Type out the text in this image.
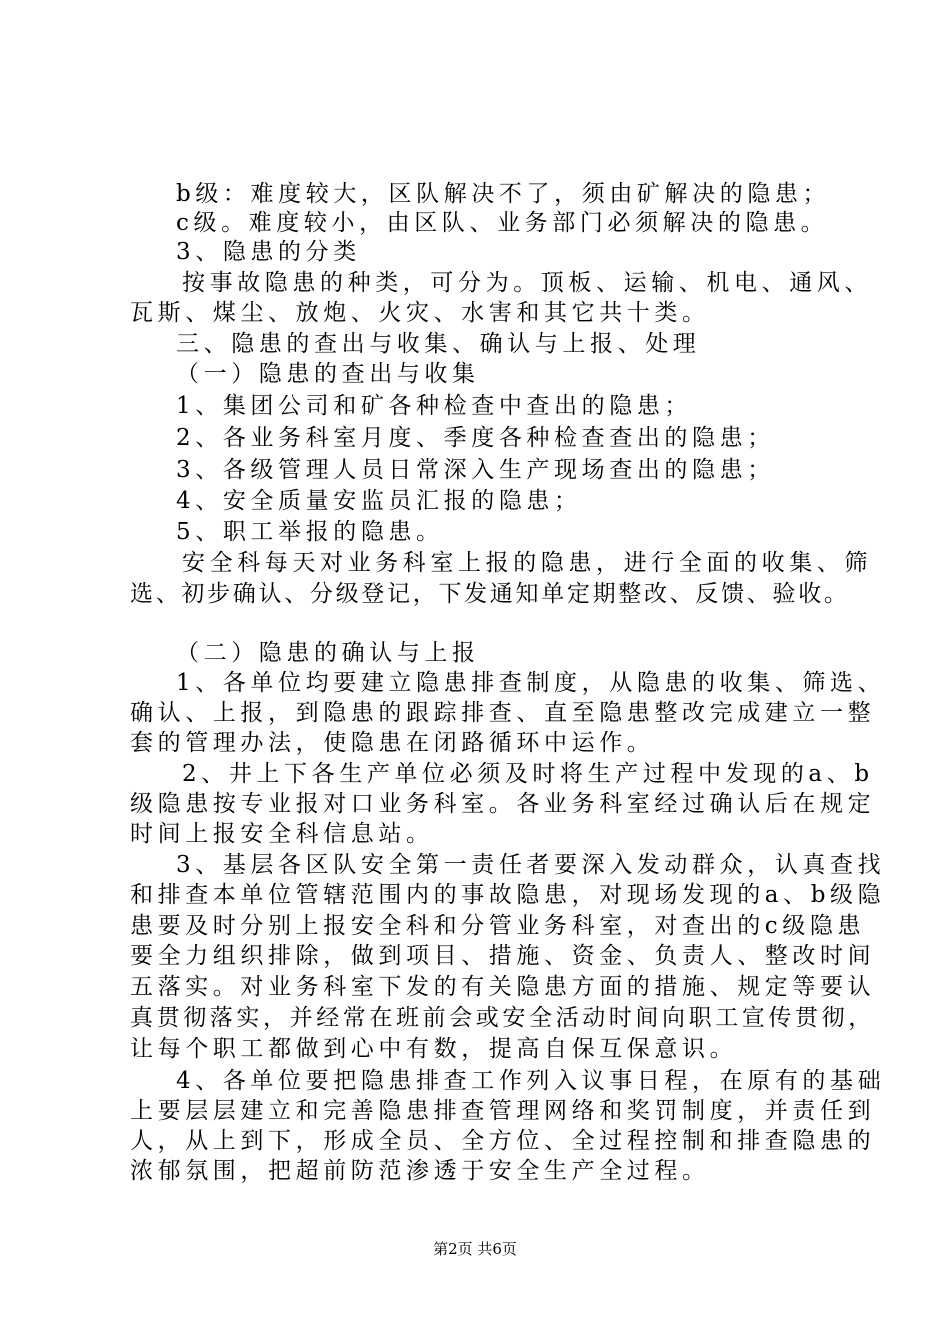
b级：难度较大，区队解决不了，须由矿解决的隐患；
c级。难度较小，由区队、业务部门必须解决的隐患。
3、隐患的分类
按事故隐患的种类，可分为。顶板、运输、机电、通风、
瓦斯、煤尘、放炮、火灾、水害和其它共十类。
三、隐患的查出与收集、确认与上报、处理
（一）隐患的查出与收集
1、集团公司和矿各种检查中查出的隐患；
2、各业务科室月度、季度各种检查查出的隐患；
3、各级管理人员日常深入生产现场查出的隐患；
4、安全质量安监员汇报的隐患；
5、职工举报的隐患。
安全科每天对业务科室上报的隐患，进行全面的收集、筛
选、初步确认、分级登记，下发通知单定期整改、反馈、验收。
（二）隐患的确认与上报
1、各单位均要建立隐患排查制度，从隐患的收集、筛选、
确认、上报，到隐患的跟踪排查、直至隐患整改完成建立一整
套的管理办法，使隐患在闭路循环中运作。
2、井上下各生产单位必须及时将生产过程中发现的a、b
级隐患按专业报对口业务科室。各业务科室经过确认后在规定
时间上报安全科信息站。
3、基层各区队安全第一责任者要深入发动群众，认真查找
和排查本单位管辖范围内的事故隐患，对现场发现的a、b级隐
患要及时分别上报安全科和分管业务科室，对查出的c级隐患
要全力组织排除，做到项目、措施、资金、负责人、整改时间
五落实。对业务科室下发的有关隐患方面的措施、规定等要认
真贯彻落实，并经常在班前会或安全活动时间向职工宣传贯彻，
让每个职工都做到心中有数，提高自保互保意识。
4、各单位要把隐患排查工作列入议事日程，在原有的基础
上要层层建立和完善隐患排查管理网络和奖罚制度，并责任到
人，从上到下，形成全员、全方位、全过程控制和排查隐患的
浓郁氛围，把超前防范渗透于安全生产全过程。
第2页 共6页
